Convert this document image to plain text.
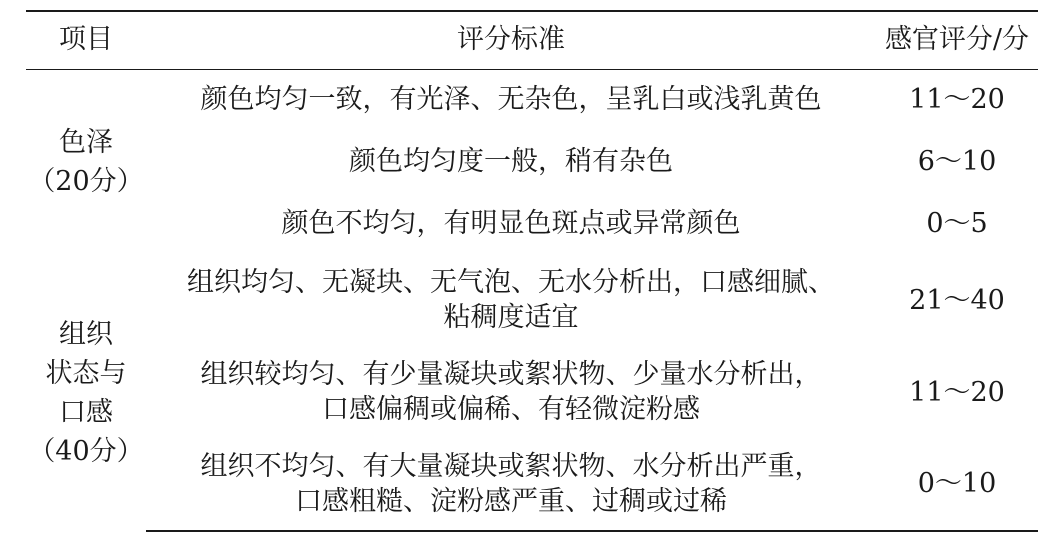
项目	评分标准	感官评分/分

色泽
（20分）	颜色均匀一致，有光泽、无杂色，呈乳白或浅乳黄色	11～20

	颜色均匀度一般，稍有杂色	6～10

	颜色不均匀，有明显色斑点或异常颜色	0～5

组织
状态与
口感
（40分）	组织均匀、无凝块、无气泡、无水分析出，口感细腻、
粘稠度适宜	21～40

	组织较均匀、有少量凝块或絮状物、少量水分析出，
口感偏稠或偏稀、有轻微淀粉感	11～20

	组织不均匀、有大量凝块或絮状物、水分析出严重，
口感粗糙、淀粉感严重、过稠或过稀	0～10
